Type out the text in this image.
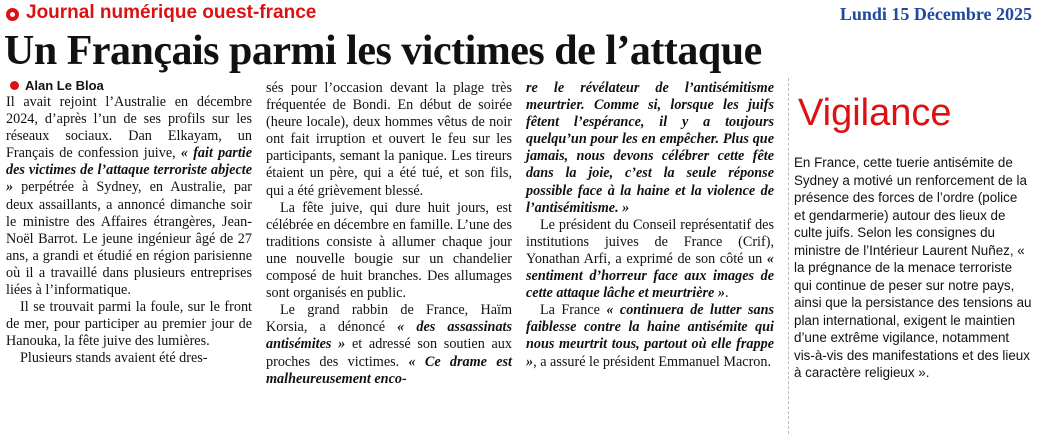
Journal numérique ouest-france	Lundi 15 Décembre 2025
Un Français parmi les victimes de l’attaque
Alan Le Bloa

Il avait rejoint l’Australie en décembre 2024, d’après l’un de ses profils sur les réseaux sociaux. Dan Elkayam, un Français de confession juive, « fait partie des victimes de l’attaque terroriste abjecte » perpétrée à Sydney, en Australie, par deux assaillants, a annoncé dimanche soir le ministre des Affaires étrangères, Jean-Noël Barrot. Le jeune ingénieur âgé de 27 ans, a grandi et étudié en région parisienne où il a travaillé dans plusieurs entreprises liées à l’informatique.

Il se trouvait parmi la foule, sur le front de mer, pour participer au premier jour de Hanouka, la fête juive des lumières.

Plusieurs stands avaient été dres-

sés pour l’occasion devant la plage très fréquentée de Bondi. En début de soirée (heure locale), deux hommes vêtus de noir ont fait irruption et ouvert le feu sur les participants, semant la panique. Les tireurs étaient un père, qui a été tué, et son fils, qui a été grièvement blessé.

La fête juive, qui dure huit jours, est célébrée en décembre en famille. L’une des traditions consiste à allumer chaque jour une nouvelle bougie sur un chandelier composé de huit branches. Des allumages sont organisés en public.

Le grand rabbin de France, Haïm Korsia, a dénoncé « des assassinats antisémites » et adressé son soutien aux proches des victimes. « Ce drame est malheureusement enco-

re le révélateur de l’antisémitisme meurtrier. Comme si, lorsque les juifs fêtent l’espérance, il y a toujours quelqu’un pour les en empêcher. Plus que jamais, nous devons célébrer cette fête dans la joie, c’est la seule réponse possible face à la haine et la violence de l’antisémitisme. »

Le président du Conseil représentatif des institutions juives de France (Crif), Yonathan Arfi, a exprimé de son côté un « sentiment d’horreur face aux images de cette attaque lâche et meurtrière ».

La France « continuera de lutter sans faiblesse contre la haine antisémite qui nous meurtrit tous, partout où elle frappe », a assuré le président Emmanuel Macron.

Vigilance

En France, cette tuerie antisémite de Sydney a motivé un renforcement de la présence des forces de l’ordre (police et gendarmerie) autour des lieux de culte juifs. Selon les consignes du ministre de l’Intérieur Laurent Nuñez, « la prégnance de la menace terroriste qui continue de peser sur notre pays, ainsi que la persistance des tensions au plan international, exigent le maintien d’une extrême vigilance, notamment vis-à-vis des manifestations et des lieux à caractère religieux ».
